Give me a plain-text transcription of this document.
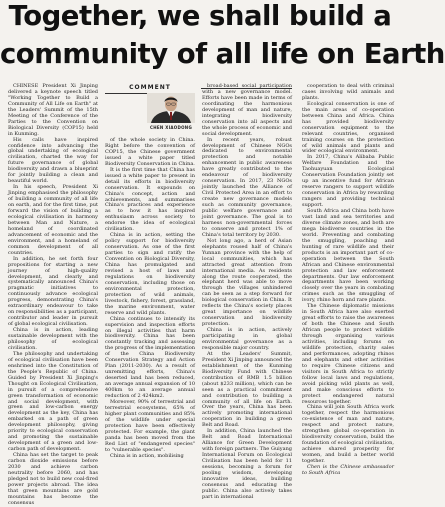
Together, we shall build a
community of all life on Earth

CHINESE President Xi Jinping delivered a keynote speech titled "Working Together to Build a Community of All Life on Earth" at the Leaders' Summit of the 15th Meeting of the Conference of the Parties to the Convention on Biological Diversity (COP15) held in Kunming.

His calls have inspired confidence into advancing the global undertaking of ecological civilisation, charted the way for future governance of global biodiversity and drawn a blueprint for jointly building a clean and beautiful world.

In his speech, President Xi Jinping emphasised the philosophy of building a community of all life on earth, and for the first time, put forward the vision of building a ecological civilisation in harmony between Man and Nature, a homeland of coordinated advancement of economic and the environment, and a homeland of common development of all countries.

In addition, he set forth four propositions for starting a new journey of high-quality development, and clearly and systematically announced China's pragmatic initiatives to continuously advance ecological progress, demonstrating China's extraordinary endeavour to take on responsibilities as a participant, contributor and leader in pursuit of global ecological civilisation.

China is in action, leading sustainable development with the philosophy of ecological civilisation.

The philosophy and undertaking of ecological civilisation have been enshrined into the Constitution of the People's Republic of China. Guided by President Xi Jinping's Thought on Ecological Civilisation, in pursuit of a comprehensive green transformation of economic and social development, with green and low-carbon energy development as the key, China has embarked on a path of green development philosophy, giving priority to ecological conservation and promoting the sustainable development of a green and low-carbon path of development.

China has set the target to peak carbon dioxide emissions before 2030 and achieve carbon neutrality before 2060, and has pledged not to build new coal-fired power projects abroad. The idea that green mountains are gold mountains has become the consensus

COMMENT
CHEN XIAODONG

of the whole society in China. Right before the convention of COP15, the Chinese government issued a white paper titled Biodiversity Conservation in China.

It is the first time that China has issued a white paper to present in detail its efforts in biodiversity conservation. It expounds on China's concept, action and achievements, and summarises China's practices and experience as to how it has inspired enthusiasm across society to endorse the idea of ecological civilisation.

China is in action, setting the policy support for biodiversity conservation. As one of the first parties to sign and ratify the Convention on Biological Diversity, China has promulgated and revised a host of laws and regulations on biodiversity conservation, including those on environmental protection, protection of wild animals, livestock, fishery, forest, grassland, the marine environment, water reserve and wild plants.

China continues to intensify its supervision and inspection efforts on illegal activities that harm biodiversity. China has been constantly tracking and assessing the progress of the implementation of the China Biodiversity Conservation Strategy and Action Plan (2011-2030). As a result of unremitting efforts, China's deserted land has been reduced, an average annual expansion of 10 400km to an average annual reduction of 2 424km2.

Moreover, 90% of terrestrial and terrestrial ecosystems, 65% of higher plant communities and 85% of the wildlife under special protection have been effectively protected. For example, the giant panda has been moved from the Red List of "endangered species" to "vulnerable species".

China is in action, mobilising

broad-based social participation with a new governance model. Efforts have been made in terms of coordinating the harmonious development of man and nature, integrating biodiversity conservation into all aspects and the whole process of economic and social development.

In recent years, robust development of Chinese NGOs dedicated to environmental protection and notable enhancement in public awareness have greatly contributed to the endeavour of biodiversity conservation. In 2017, 23 NGOs jointly launched the Alliance of Civil Protected Area in an effort to create new governance models such as community governance, public welfare governance and joint governance. The goal is to harness non-governmental forces to conserve and protect 1% of China's total territory by 2030.

Not long ago, a herd of Asian elephants roused half of China's Yunnan province with the help of local communities, which has attracted great attention from international media. As residents along the route cooperated, the elephant herd was able to move through the villages unhindered can be seen as a step forward for biological conservation in China. It reflects the China's society places great importance on wildlife conservation and biodiversity protection.

China is in action, actively participating in global environmental governance as a responsible major country.

At the Leaders' Summit, President Xi Jinping announced the establishment of the Kunming Biodiversity Fund with Chinese contribution of RMB 1.5 billion (about $233 million), which can be seen as a practical commitment and contribution to building a community of all life on Earth. Over the years, China has been actively promoting international cooperation in building a green Belt and Road.

In addition, China launched the Belt and Road International Alliance for Green Development with foreign partners. The Guiyang International Forum on Ecological Civilisation has been held for 11 sessions, becoming a forum for pooling wisdom, developing innovative ideas, building consensus and educating the public. China also actively takes part in international

cooperation to deal with criminal cases involving wild animals and plants.

Ecological conservation is one of the main areas of co-operation between China and Africa. China has provided biodiversity conservation equipment to the relevant countries, organised training courses on the protection of wild animals and plants and wider ecological environment.

In 2017, China's Alibaba Public Welfare Foundation and the Taohuayuan Ecological Conservation Foundation jointly set up an incentive fund for African reserve rangers to support wildlife conservation in Africa by rewarding rangers and providing technical support.

South Africa and China both have vast land and sea territories and diverse climate zones, and both are mega biodiverse countries in the world. Preventing and combating the smuggling, poaching and hunting of rare wildlife and their products is an important part of co-operation between the South African and Chinese environmental protection and law enforcement departments. Our law enforcement departments have been working closely over the years in combating crimes such as the smuggling of ivory, rhino horn and rare plants.

The Chinese diplomatic missions in South Africa have also exerted great efforts to raise the awareness of both the Chinese and South African people to protect wildlife through organising various activities, including forums on wildlife protection, charity sales and performances, adopting rhinos and elephants and other activities to require Chinese citizens and visitors in South Africa to strictly follow local laws and regulations, avoid picking wild plants as well, and make conscious efforts to protect endangered natural resources together.

China will join South Africa work together, respect the harmonious co-existence of man and nature, respect and protect nature, strengthen global co-operation in biodiversity conservation, build the foundation of ecological civilisation, achieve shared prosperity for women, and build a better world together.

Chen is the Chinese ambassador to South Africa
